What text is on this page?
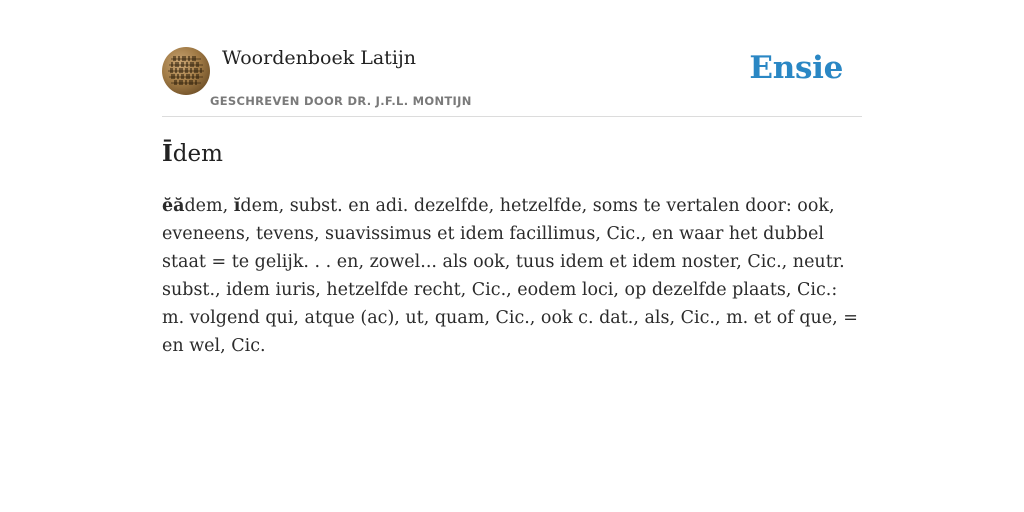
Woordenboek Latijn
GESCHREVEN DOOR DR. J.F.L. MONTIJN
Ensie
Īdem

ĕădem, ĭdem, subst. en adi. dezelfde, hetzelfde, soms te vertalen door: ook, eveneens, tevens, suavissimus et idem facillimus, Cic., en waar het dubbel staat = te gelijk. . . en, zowel... als ook, tuus idem et idem noster, Cic., neutr. subst., idem iuris, hetzelfde recht, Cic., eodem loci, op dezelfde plaats, Cic.: m. volgend qui, atque (ac), ut, quam, Cic., ook c. dat., als, Cic., m. et of que, = en wel, Cic.
